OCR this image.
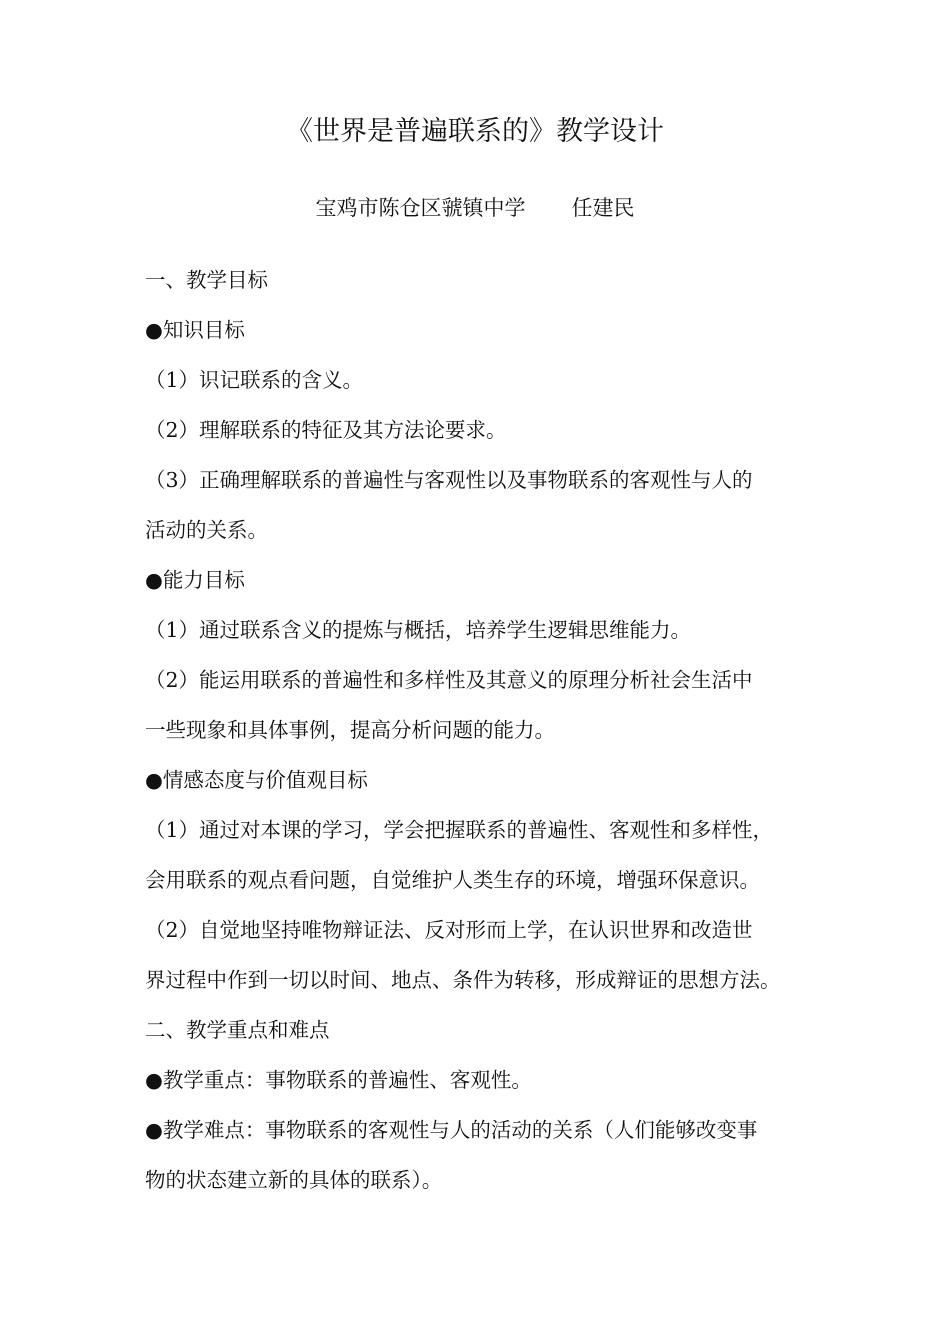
《世界是普遍联系的》教学设计
宝鸡市陈仓区虢镇中学 任建民
一、教学目标
●知识目标
（1）识记联系的含义。
（2）理解联系的特征及其方法论要求。
（3）正确理解联系的普遍性与客观性以及事物联系的客观性与人的
活动的关系。
●能力目标
（1）通过联系含义的提炼与概括，培养学生逻辑思维能力。
（2）能运用联系的普遍性和多样性及其意义的原理分析社会生活中
一些现象和具体事例，提高分析问题的能力。
●情感态度与价值观目标
（1）通过对本课的学习，学会把握联系的普遍性、客观性和多样性，
会用联系的观点看问题，自觉维护人类生存的环境，增强环保意识。
（2）自觉地坚持唯物辩证法、反对形而上学，在认识世界和改造世
界过程中作到一切以时间、地点、条件为转移，形成辩证的思想方法。
二、教学重点和难点
●教学重点：事物联系的普遍性、客观性。
●教学难点：事物联系的客观性与人的活动的关系（人们能够改变事
物的状态建立新的具体的联系）。
